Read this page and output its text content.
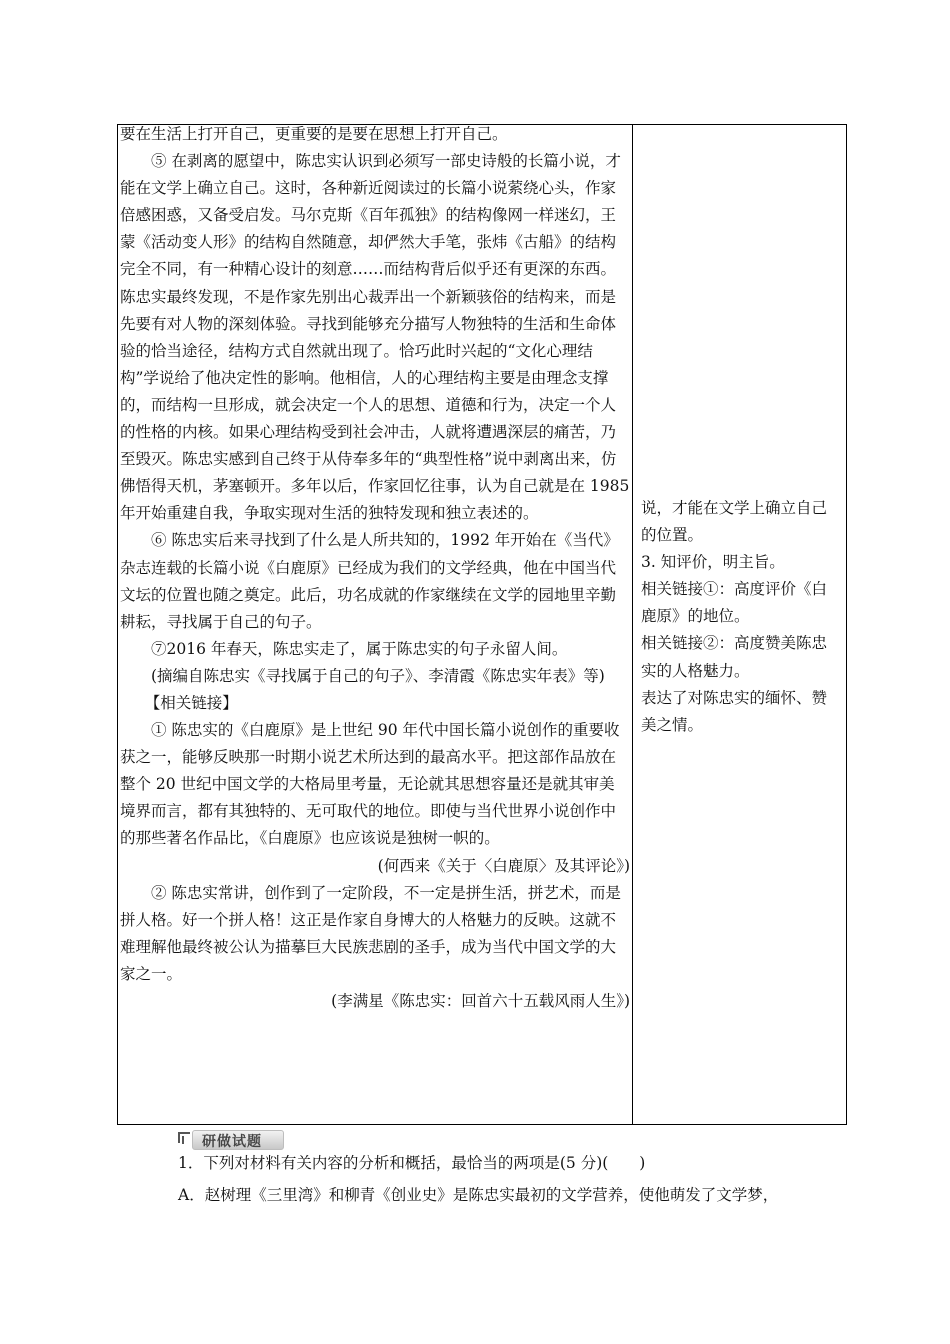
要在生活上打开自己，更重要的是要在思想上打开自己。

⑤ 在剥离的愿望中，陈忠实认识到必须写一部史诗般的长篇小说，才能在文学上确立自己。这时，各种新近阅读过的长篇小说萦绕心头，作家倍感困惑，又备受启发。马尔克斯《百年孤独》的结构像网一样迷幻，王蒙《活动变人形》的结构自然随意，却俨然大手笔，张炜《古船》的结构完全不同，有一种精心设计的刻意……而结构背后似乎还有更深的东西。陈忠实最终发现，不是作家先别出心裁弄出一个新颖骇俗的结构来，而是先要有对人物的深刻体验。寻找到能够充分描写人物独特的生活和生命体验的恰当途径，结构方式自然就出现了。恰巧此时兴起的“文化心理结构”学说给了他决定性的影响。他相信，人的心理结构主要是由理念支撑的，而结构一旦形成，就会决定一个人的思想、道德和行为，决定一个人的性格的内核。如果心理结构受到社会冲击，人就将遭遇深层的痛苦，乃至毁灭。陈忠实感到自己终于从侍奉多年的“典型性格”说中剥离出来，仿佛悟得天机，茅塞顿开。多年以后，作家回忆往事，认为自己就是在 1985 年开始重建自我，争取实现对生活的独特发现和独立表述的。

⑥ 陈忠实后来寻找到了什么是人所共知的，1992 年开始在《当代》杂志连载的长篇小说《白鹿原》已经成为我们的文学经典，他在中国当代文坛的位置也随之奠定。此后，功名成就的作家继续在文学的园地里辛勤耕耘，寻找属于自己的句子。

⑦2016 年春天，陈忠实走了，属于陈忠实的句子永留人间。

(摘编自陈忠实《寻找属于自己的句子》、李清霞《陈忠实年表》等)

【相关链接】

① 陈忠实的《白鹿原》是上世纪 90 年代中国长篇小说创作的重要收获之一，能够反映那一时期小说艺术所达到的最高水平。把这部作品放在整个 20 世纪中国文学的大格局里考量，无论就其思想容量还是就其审美境界而言，都有其独特的、无可取代的地位。即使与当代世界小说创作中的那些著名作品比，《白鹿原》也应该说是独树一帜的。

(何西来《关于〈白鹿原〉及其评论》)

② 陈忠实常讲，创作到了一定阶段，不一定是拼生活，拼艺术，而是拼人格。好一个拼人格！这正是作家自身博大的人格魅力的反映。这就不难理解他最终被公认为描摹巨大民族悲剧的圣手，成为当代中国文学的大家之一。

(李满星《陈忠实：回首六十五载风雨人生》)

说，才能在文学上确立自己的位置。

3. 知评价，明主旨。

相关链接①：高度评价《白鹿原》的地位。

相关链接②：高度赞美陈忠实的人格魅力。

表达了对陈忠实的缅怀、赞美之情。

研做试题

1．下列对材料有关内容的分析和概括，最恰当的两项是(5 分)(　　)

A．赵树理《三里湾》和柳青《创业史》是陈忠实最初的文学营养，使他萌发了文学梦，
